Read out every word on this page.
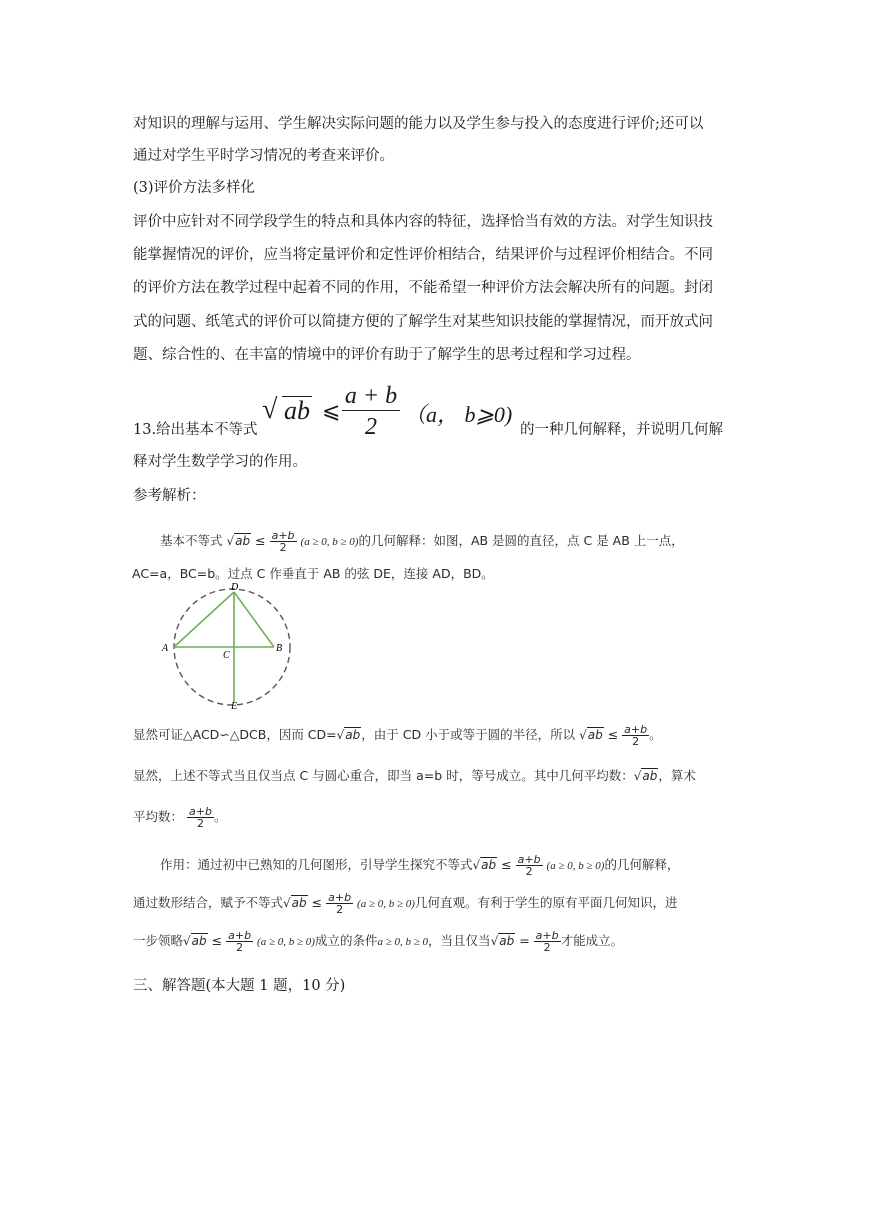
对知识的理解与运用、学生解决实际问题的能力以及学生参与投入的态度进行评价;还可以
通过对学生平时学习情况的考查来评价。
(3)评价方法多样化
评价中应针对不同学段学生的特点和具体内容的特征，选择恰当有效的方法。对学生知识技
能掌握情况的评价，应当将定量评价和定性评价相结合，结果评价与过程评价相结合。不同
的评价方法在教学过程中起着不同的作用，不能希望一种评价方法会解决所有的问题。封闭
式的问题、纸笔式的评价可以简捷方便的了解学生对某些知识技能的掌握情况，而开放式问
题、综合性的、在丰富的情境中的评价有助于了解学生的思考过程和学习过程。
13.给出基本不等式
√ ab ⩽
a + b
2	（a， b⩾0)
的一种几何解释，并说明几何解
释对学生数学学习的作用。
参考解析：
基本不等式 $√ab \le \frac{a+b}{2} (a \ge 0$, b ≥ 0)的几何解释：如图，AB 是圆的直径，点 C 是 AB 上一点，
AC=a，BC=b。过点 C 作垂直于 AB 的弦 DE，连接 AD，BD。
D
A	B
C
E
显然可证△ACD∽△DCB，因而 CD=√ab，由于 CD 小于或等于圆的半径，所以 $√ab \le \frac{a+b}{2}$ 。
显然，上述不等式当且仅当点 C 与圆心重合，即当 a=b 时，等号成立。其中几何平均数：√ab，算术
平均数： $\frac{a+b}{2}$ 。
作用：通过初中已熟知的几何图形，引导学生探究不等式$√ab \le \frac{a+b}{2} (a \ge 0$, b ≥ 0)的几何解释，
通过数形结合，赋予不等式$√ab \le \frac{a+b}{2} (a \ge 0$, b ≥ 0)几何直观。有利于学生的原有平面几何知识，进
一步领略$√ab \le \frac{a+b}{2} (a \ge 0$, b ≥ 0)成立的条件a ≥ 0, b ≥ 0，当且仅当$√ab = \frac{a+b}{2}$ 才能成立。
三、解答题(本大题 1 题，10 分)
